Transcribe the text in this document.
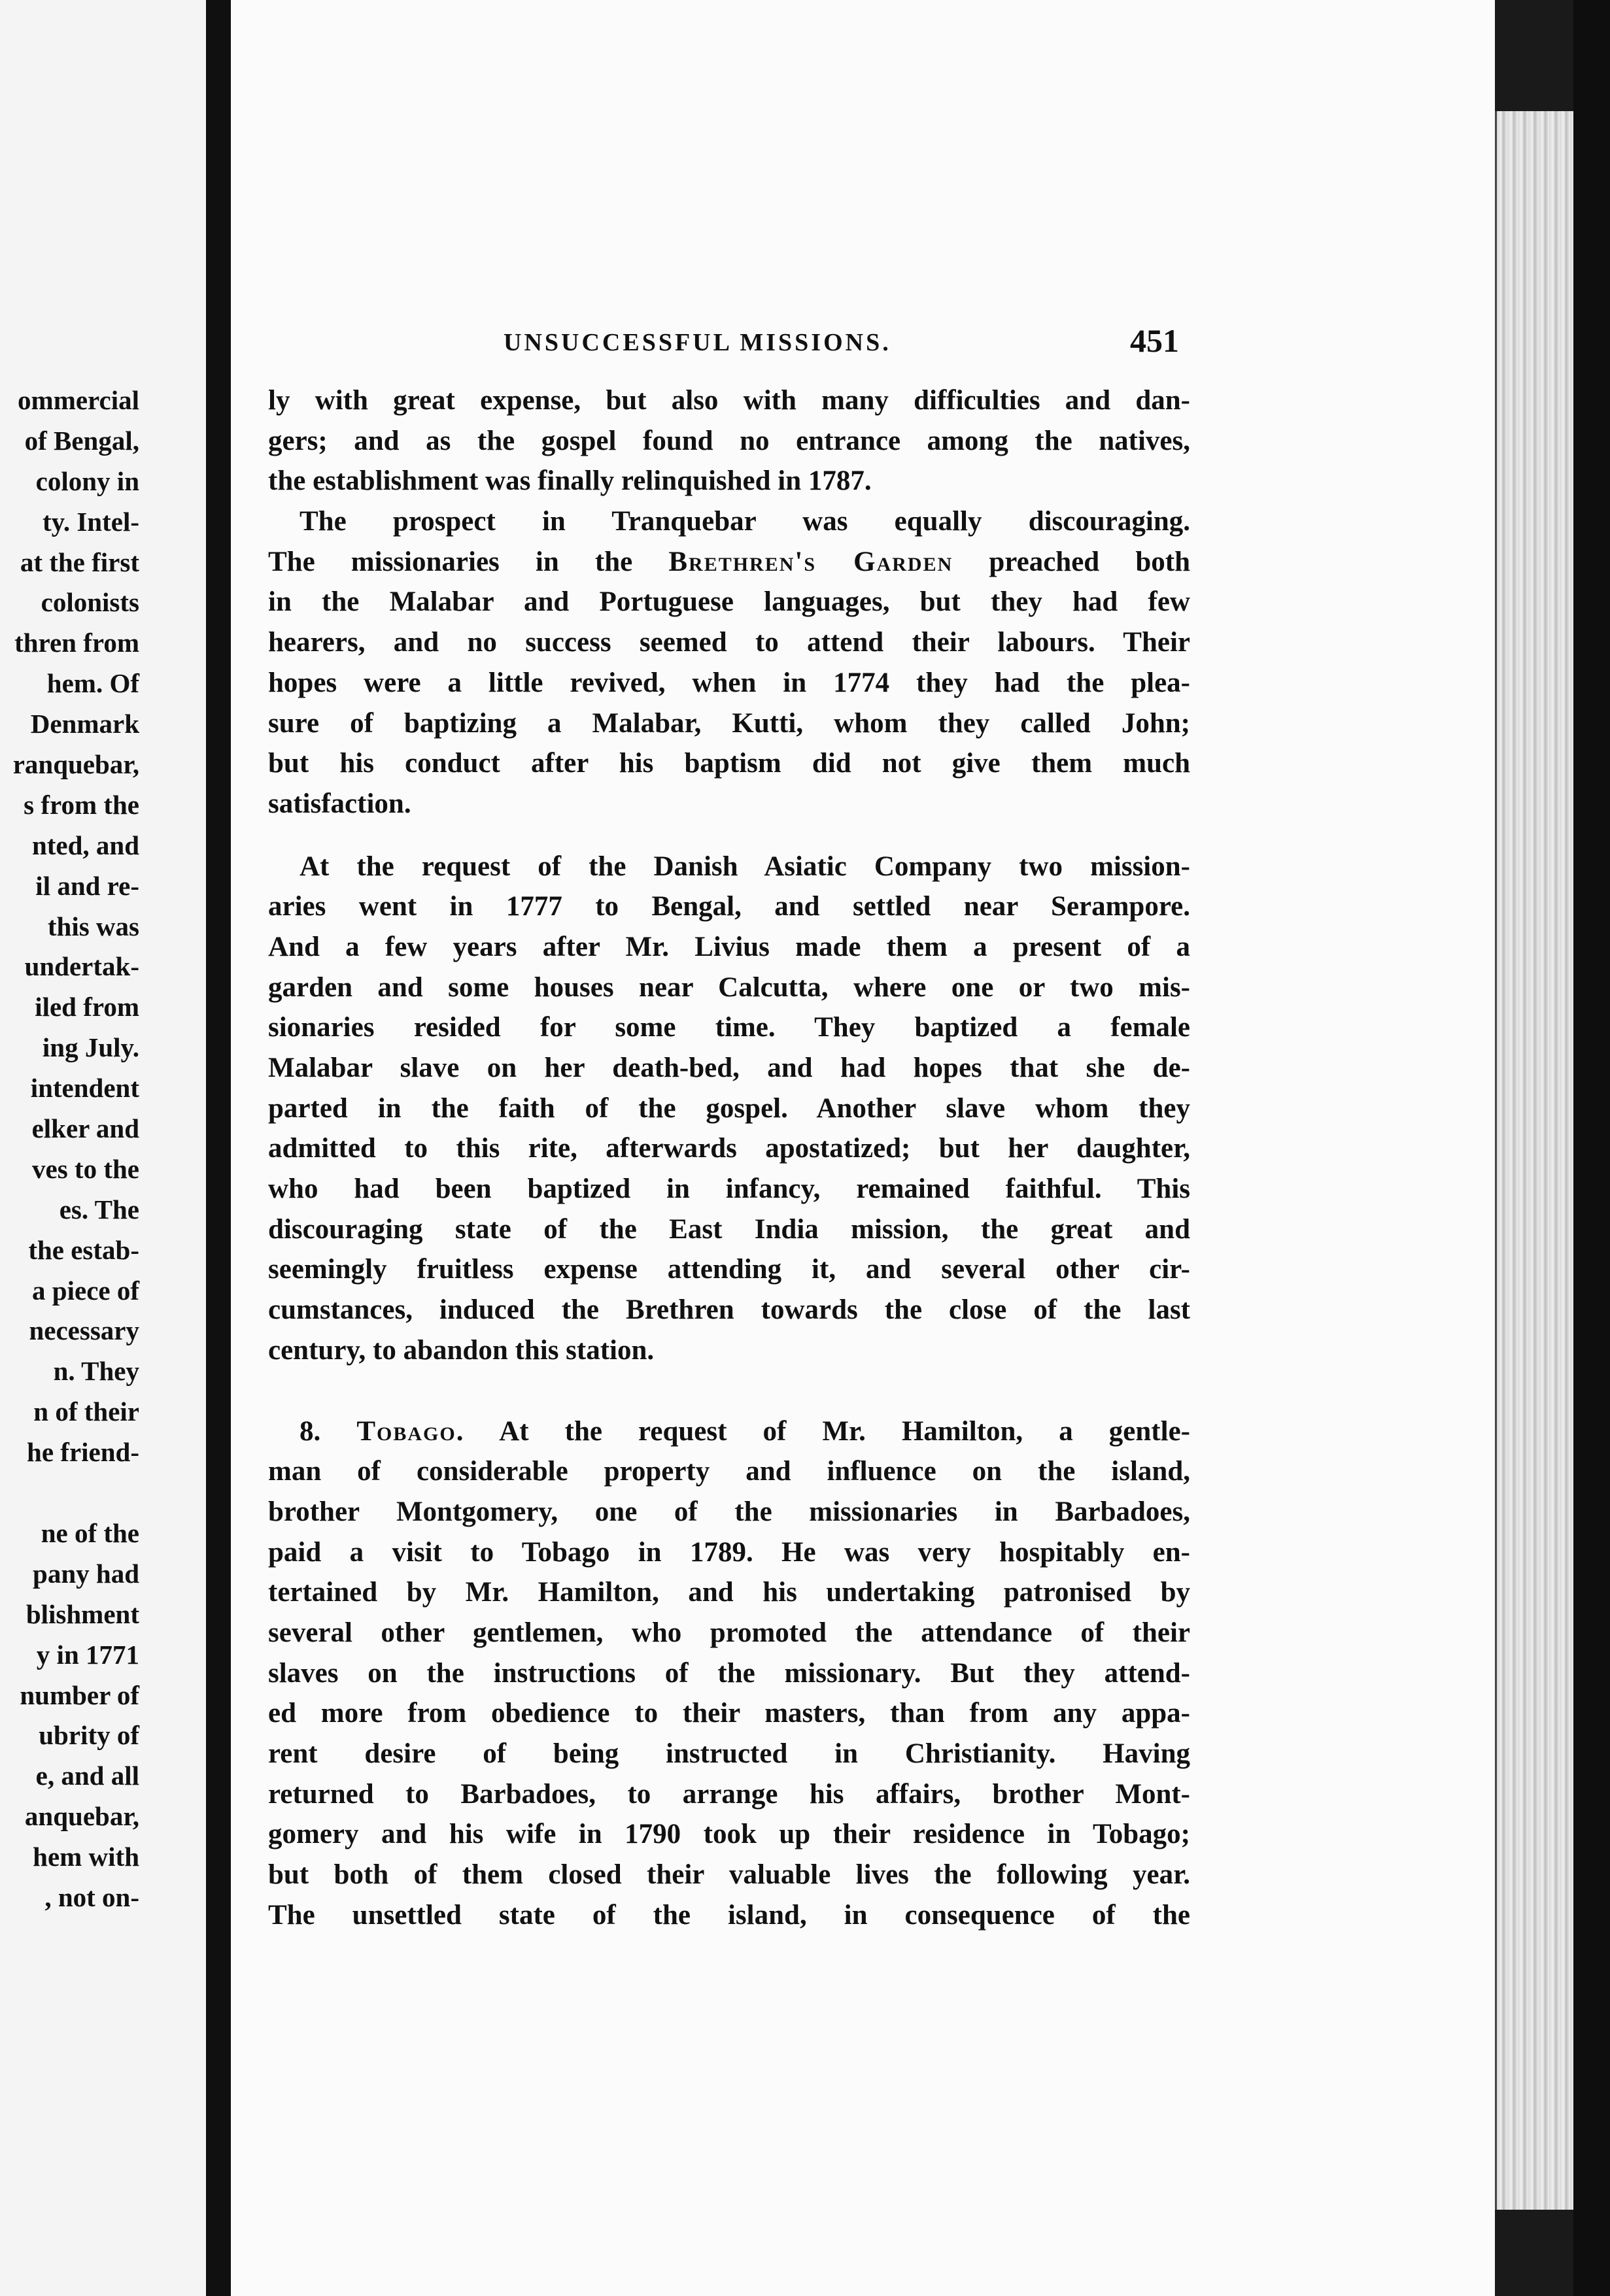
ommercial
of Bengal,
colony in
ty. Intel-
at the first
colonists
thren from
hem. Of
Denmark
ranquebar,
s from the
nted, and
il and re-
this was
undertak-
iled from
ing July.
intendent
elker and
ves to the
es. The
the estab-
a piece of
necessary
n. They
n of their
he friend-
ne of the
pany had
blishment
y in 1771
number of
ubrity of
e, and all
anquebar,
hem with
, not on-
UNSUCCESSFUL MISSIONS.	451
ly with great expense, but also with many difficulties and dan-
gers; and as the gospel found no entrance among the natives,
the establishment was finally relinquished in 1787.
The prospect in Tranquebar was equally discouraging.
The missionaries in the Brethren's Garden preached both
in the Malabar and Portuguese languages, but they had few
hearers, and no success seemed to attend their labours. Their
hopes were a little revived, when in 1774 they had the plea-
sure of baptizing a Malabar, Kutti, whom they called John;
but his conduct after his baptism did not give them much
satisfaction.
At the request of the Danish Asiatic Company two mission-
aries went in 1777 to Bengal, and settled near Serampore.
And a few years after Mr. Livius made them a present of a
garden and some houses near Calcutta, where one or two mis-
sionaries resided for some time. They baptized a female
Malabar slave on her death-bed, and had hopes that she de-
parted in the faith of the gospel. Another slave whom they
admitted to this rite, afterwards apostatized; but her daughter,
who had been baptized in infancy, remained faithful. This
discouraging state of the East India mission, the great and
seemingly fruitless expense attending it, and several other cir-
cumstances, induced the Brethren towards the close of the last
century, to abandon this station.
8. Tobago. At the request of Mr. Hamilton, a gentle-
man of considerable property and influence on the island,
brother Montgomery, one of the missionaries in Barbadoes,
paid a visit to Tobago in 1789. He was very hospitably en-
tertained by Mr. Hamilton, and his undertaking patronised by
several other gentlemen, who promoted the attendance of their
slaves on the instructions of the missionary. But they attend-
ed more from obedience to their masters, than from any appa-
rent desire of being instructed in Christianity. Having
returned to Barbadoes, to arrange his affairs, brother Mont-
gomery and his wife in 1790 took up their residence in Tobago;
but both of them closed their valuable lives the following year.
The unsettled state of the island, in consequence of the
